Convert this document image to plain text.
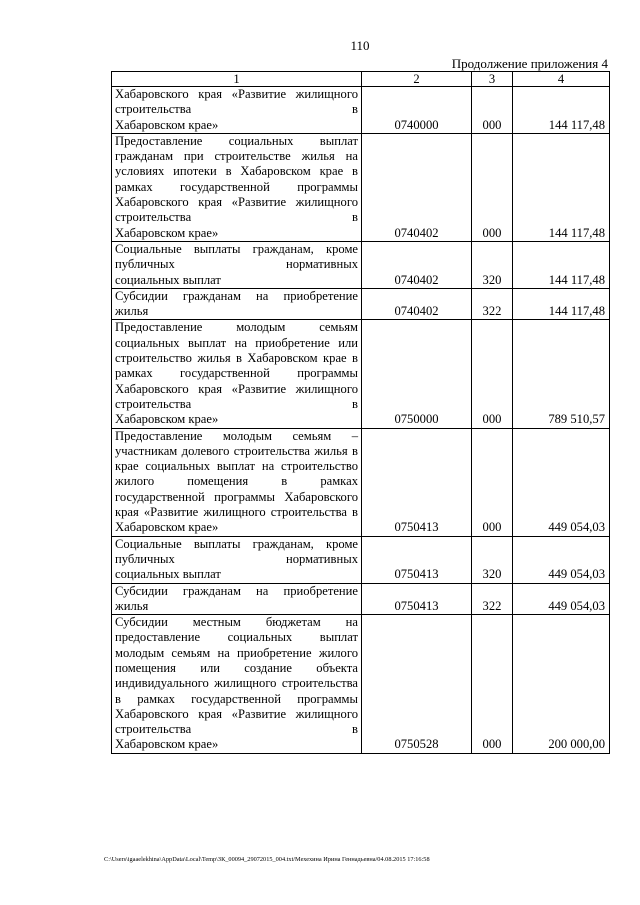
110
Продолжение приложения 4
1	2	3	4
Хабаровского края «Развитие жилищного строительства в
Хабаровском крае»	0740000	000	144 117,48
Предоставление социальных выплат гражданам при строительстве жилья на условиях ипотеки в Хабаровском крае в рамках государственной программы Хабаровского края «Развитие жилищного строительства в
Хабаровском крае»	0740402	000	144 117,48
Социальные выплаты гражданам, кроме публичных нормативных
социальных выплат	0740402	320	144 117,48
Субсидии гражданам на приобретение
жилья	0740402	322	144 117,48
Предоставление молодым семьям социальных выплат на приобретение или строительство жилья в Хабаровском крае в рамках государственной программы Хабаровского края «Развитие жилищного строительства в
Хабаровском крае»	0750000	000	789 510,57
Предоставление молодым семьям – участникам долевого строительства жилья в крае социальных выплат на строительство жилого помещения в рамках государственной программы Хабаровского края «Развитие жилищного строительства в
Хабаровском крае»	0750413	000	449 054,03
Социальные выплаты гражданам, кроме публичных нормативных
социальных выплат	0750413	320	449 054,03
Субсидии гражданам на приобретение
жилья	0750413	322	449 054,03
Субсидии местным бюджетам на предоставление социальных выплат молодым семьям на приобретение жилого помещения или создание объекта индивидуального жилищного строительства в рамках государственной программы Хабаровского края «Развитие жилищного строительства в
Хабаровском крае»	0750528	000	200 000,00
C:\Users\igaaelekhina\AppData\Local\Temp\ЗК_00094_29072015_004.txt/Мехехина Ирина Геннадьевна/04.08.2015 17:16:58
